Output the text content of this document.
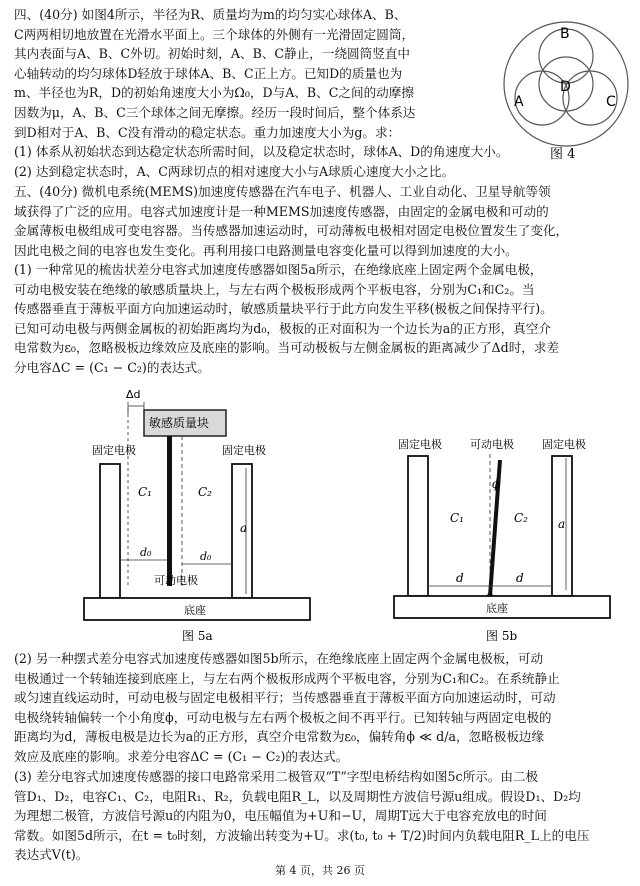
四、(40分) 如图4所示，半径为R、质量均为m的均匀实心球体A、B、
C两两相切地放置在光滑水平面上。三个球体的外侧有一光滑固定圆筒，
其内表面与A、B、C外切。初始时刻，A、B、C静止，一绕圆筒竖直中
心轴转动的均匀球体D轻放于球体A、B、C正上方。已知D的质量也为
m、半径也为R，D的初始角速度大小为Ω₀，D与A、B、C之间的动摩擦
因数为μ，A、B、C三个球体之间无摩擦。经历一段时间后，整个体系达
到D相对于A、B、C没有滑动的稳定状态。重力加速度大小为g。求：
(1) 体系从初始状态到达稳定状态所需时间，以及稳定状态时，球体A、D的角速度大小。
(2) 达到稳定状态时，A、C两球切点的相对速度大小与A球质心速度大小之比。
B
D
A	C
图 4
五、(40分) 微机电系统(MEMS)加速度传感器在汽车电子、机器人、工业自动化、卫星导航等领
域获得了广泛的应用。电容式加速度计是一种MEMS加速度传感器，由固定的金属电极和可动的
金属薄板电极组成可变电容器。当传感器加速运动时，可动薄板电极相对固定电极位置发生了变化，
因此电极之间的电容也发生变化。再利用接口电路测量电容变化量可以得到加速度的大小。
(1) 一种常见的梳齿状差分电容式加速度传感器如图5a所示，在绝缘底座上固定两个金属电极，
可动电极安装在绝缘的敏感质量块上，与左右两个极板形成两个平板电容，分别为C₁和C₂。当
传感器垂直于薄板平面方向加速运动时，敏感质量块平行于此方向发生平移(极板之间保持平行)。
已知可动电极与两侧金属板的初始距离均为d₀，极板的正对面积为一个边长为a的正方形，真空介
电常数为ε₀，忽略极板边缘效应及底座的影响。当可动极板与左侧金属板的距离减少了Δd时，求差
分电容ΔC = (C₁ − C₂)的表达式。
Δd
敏感质量块
固定电极	固定电极
C₁	C₂
a
d₀	d₀
可动电极
底座
图 5a
固定电极	可动电极	固定电极
ϕ
C₁	C₂	a
d	d
底座
图 5b
(2) 另一种摆式差分电容式加速度传感器如图5b所示，在绝缘底座上固定两个金属电极板，可动
电极通过一个转轴连接到底座上，与左右两个极板形成两个平板电容，分别为C₁和C₂。在系统静止
或匀速直线运动时，可动电极与固定电极相平行；当传感器垂直于薄板平面方向加速运动时，可动
电极绕转轴偏转一个小角度ϕ，可动电极与左右两个极板之间不再平行。已知转轴与两固定电极的
距离均为d，薄板电极是边长为a的正方形，真空介电常数为ε₀，偏转角ϕ ≪ d/a，忽略极板边缘
效应及底座的影响。求差分电容ΔC = (C₁ − C₂)的表达式。
(3) 差分电容式加速度传感器的接口电路常采用二极管双“T”字型电桥结构如图5c所示。由二极
管D₁、D₂，电容C₁、C₂，电阻R₁、R₂，负载电阻R_L，以及周期性方波信号源u组成。假设D₁、D₂均
为理想二极管，方波信号源u的内阻为0，电压幅值为+U和−U，周期T远大于电容充放电的时间
常数。如图5d所示，在t = t₀时刻，方波输出转变为+U。求(t₀, t₀ + T/2)时间内负载电阻R_L上的电压
表达式V(t)。
第 4 页，共 26 页
